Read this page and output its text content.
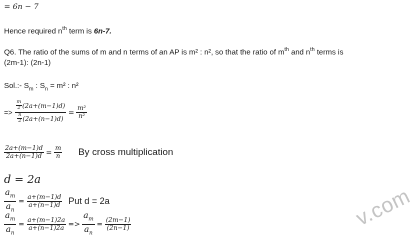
= 6n − 7
Hence required $n^{th}$ term is 6n-7.
Q6. The ratio of the sums of m and n terms of an AP is m² : n², so that the ratio of $m^{th}$ and $n^{th}$ terms is
(2m-1): (2n-1)
Sol.:- $S_m$ : $S_n = m^2$ : n²
=> $\frac{\frac{m}{2} (2a+(m-1)d)}{\frac{n}{2} (2a+(n-1)d)} = \frac{\text{m²}}{\text{n²}}$
$\frac{2a+(m-1)d}{2a+(n-1)d} = \frac{m}{n}$ By cross multiplication
d = 2a
$\frac{a_m}{a_n} = \frac{a+(m-1)d}{a+(n-1)d}$ Put d = 2a
$\frac{a_m}{a_n} = \frac{a+(m-1)2a}{a+(n-1)2a} => \frac{a_m}{a_n} = \frac{(2m-1)}{(2n-1)}$	v.com
